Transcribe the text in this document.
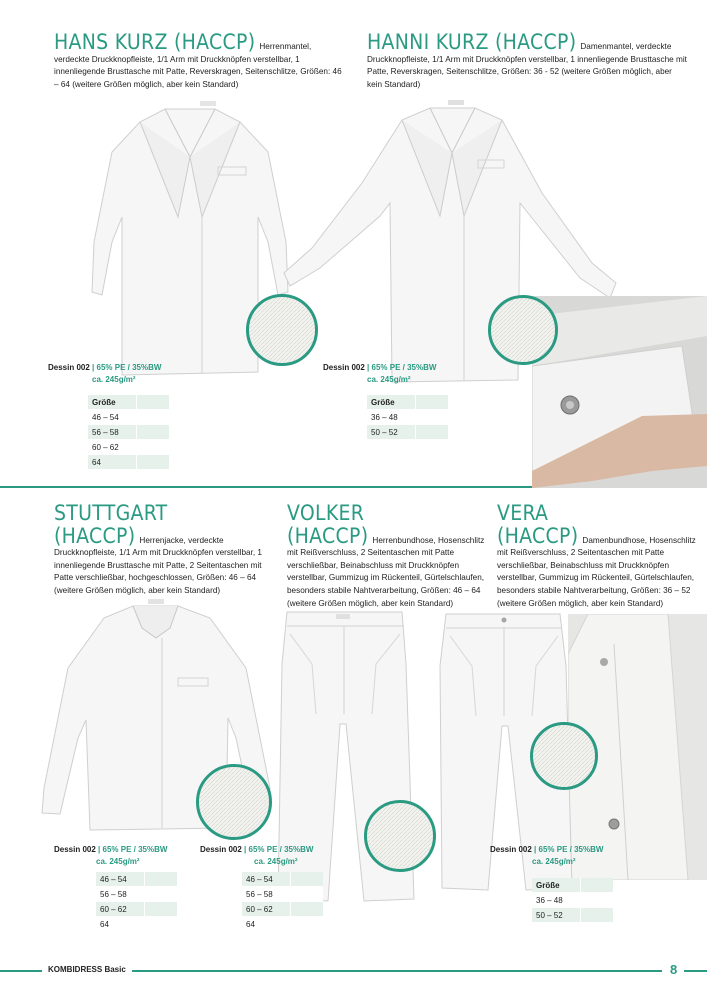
HANS KURZ (HACCP) Herrenmantel, verdeckte Druckknopfleiste, 1/1 Arm mit Druckknöpfen verstellbar, 1 innenliegende Brusttasche mit Patte, Reverskragen, Seitenschlitze, Größen: 46 – 64 (weitere Größen möglich, aber kein Standard)
Dessin 002 | 65% PE / 35%BW
ca. 245g/m²
Größe	
46 – 54	
56 – 58	
60 – 62	
64	
HANNI KURZ (HACCP) Damenmantel, verdeckte Druckknopfleiste, 1/1 Arm mit Druckknöpfen verstellbar, 1 innenliegende Brusttasche mit Patte, Reverskragen, Seitenschlitze, Größen: 36 - 52 (weitere Größen möglich, aber kein Standard)
Dessin 002 | 65% PE / 35%BW
ca. 245g/m²
Größe	
36 – 48	
50 – 52	
STUTTGART (HACCP) Herrenjacke, verdeckte Druckknopfleiste, 1/1 Arm mit Druckknöpfen verstellbar, 1 innenliegende Brusttasche mit Patte, 2 Seitentaschen mit Patte verschließbar, hochgeschlossen, Größen: 46 – 64 (weitere Größen möglich, aber kein Standard)
Dessin 002 | 65% PE / 35%BW
ca. 245g/m²
46 – 54	
56 – 58	
60 – 62	
64	
VOLKER (HACCP) Herrenbundhose, Hosenschlitz mit Reißverschluss, 2 Seitentaschen mit Patte verschließbar, Beinabschluss mit Druckknöpfen verstellbar, Gummizug im Rückenteil, Gürtelschlaufen, besonders stabile Nahtverarbeitung, Größen: 46 – 64 (weitere Größen möglich, aber kein Standard)
Dessin 002 | 65% PE / 35%BW
ca. 245g/m²
46 – 54	
56 – 58	
60 – 62	
64	
VERA (HACCP) Damenbundhose, Hosenschlitz mit Reißverschluss, 2 Seitentaschen mit Patte verschließbar, Beinabschluss mit Druckknöpfen verstellbar, Gummizug im Rückenteil, Gürtelschlaufen, besonders stabile Nahtverarbeitung, Größen: 36 – 52 (weitere Größen möglich, aber kein Standard)
Dessin 002 | 65% PE / 35%BW
ca. 245g/m²
Größe	
36 – 48	
50 – 52	
KOMBIDRESS Basic	8
